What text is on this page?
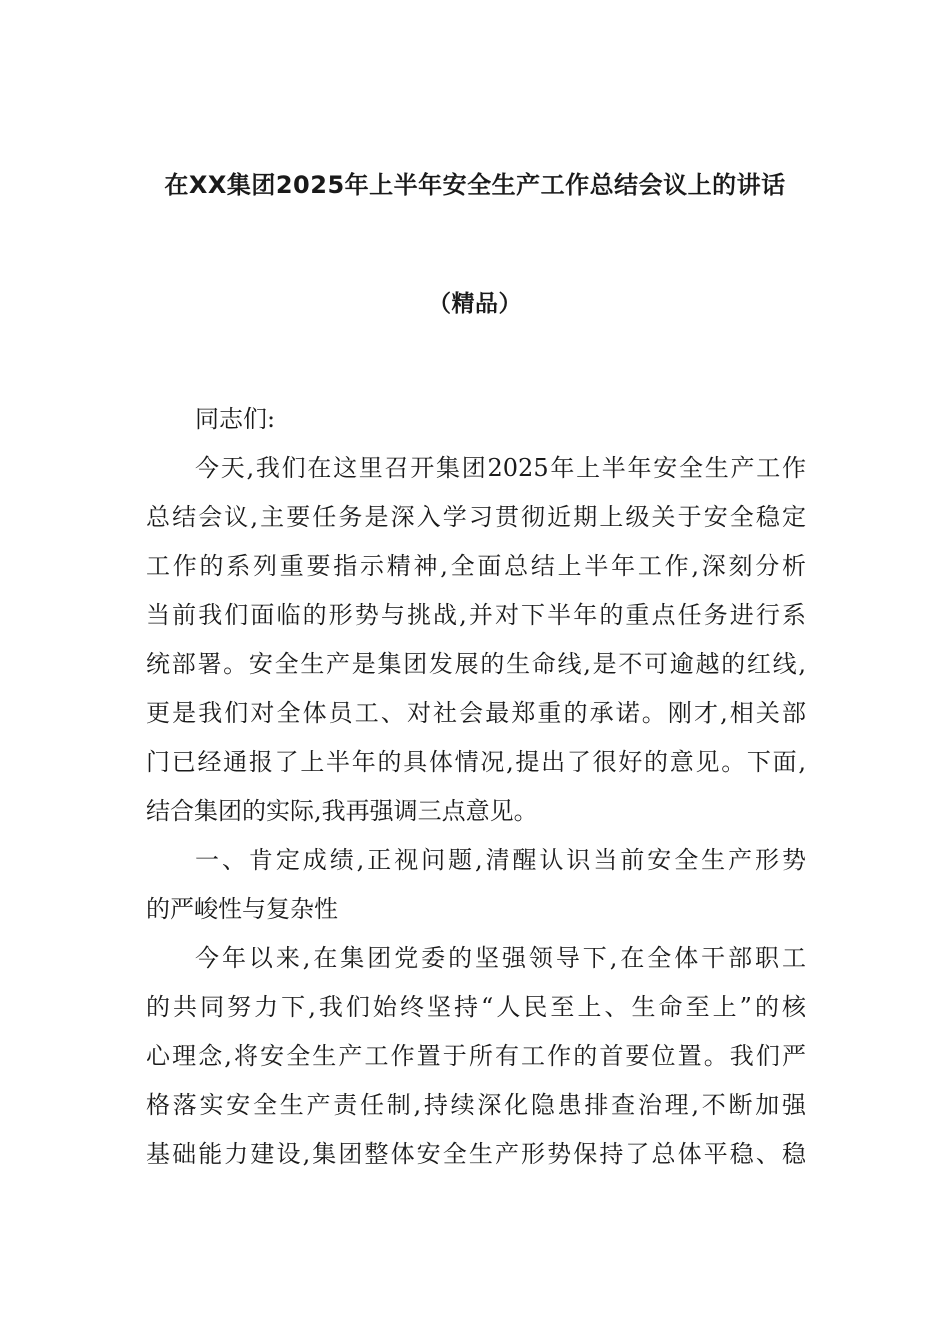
在XX集团2025年上半年安全生产工作总结会议上的讲话
（精品）
同志们:
今天,我们在这里召开集团2025年上半年安全生产工作
总结会议,主要任务是深入学习贯彻近期上级关于安全稳定
工作的系列重要指示精神,全面总结上半年工作,深刻分析
当前我们面临的形势与挑战,并对下半年的重点任务进行系
统部署。安全生产是集团发展的生命线,是不可逾越的红线,
更是我们对全体员工、对社会最郑重的承诺。刚才,相关部
门已经通报了上半年的具体情况,提出了很好的意见。下面,
结合集团的实际,我再强调三点意见。
一、肯定成绩,正视问题,清醒认识当前安全生产形势
的严峻性与复杂性
今年以来,在集团党委的坚强领导下,在全体干部职工
的共同努力下,我们始终坚持“人民至上、生命至上”的核
心理念,将安全生产工作置于所有工作的首要位置。我们严
格落实安全生产责任制,持续深化隐患排查治理,不断加强
基础能力建设,集团整体安全生产形势保持了总体平稳、稳
